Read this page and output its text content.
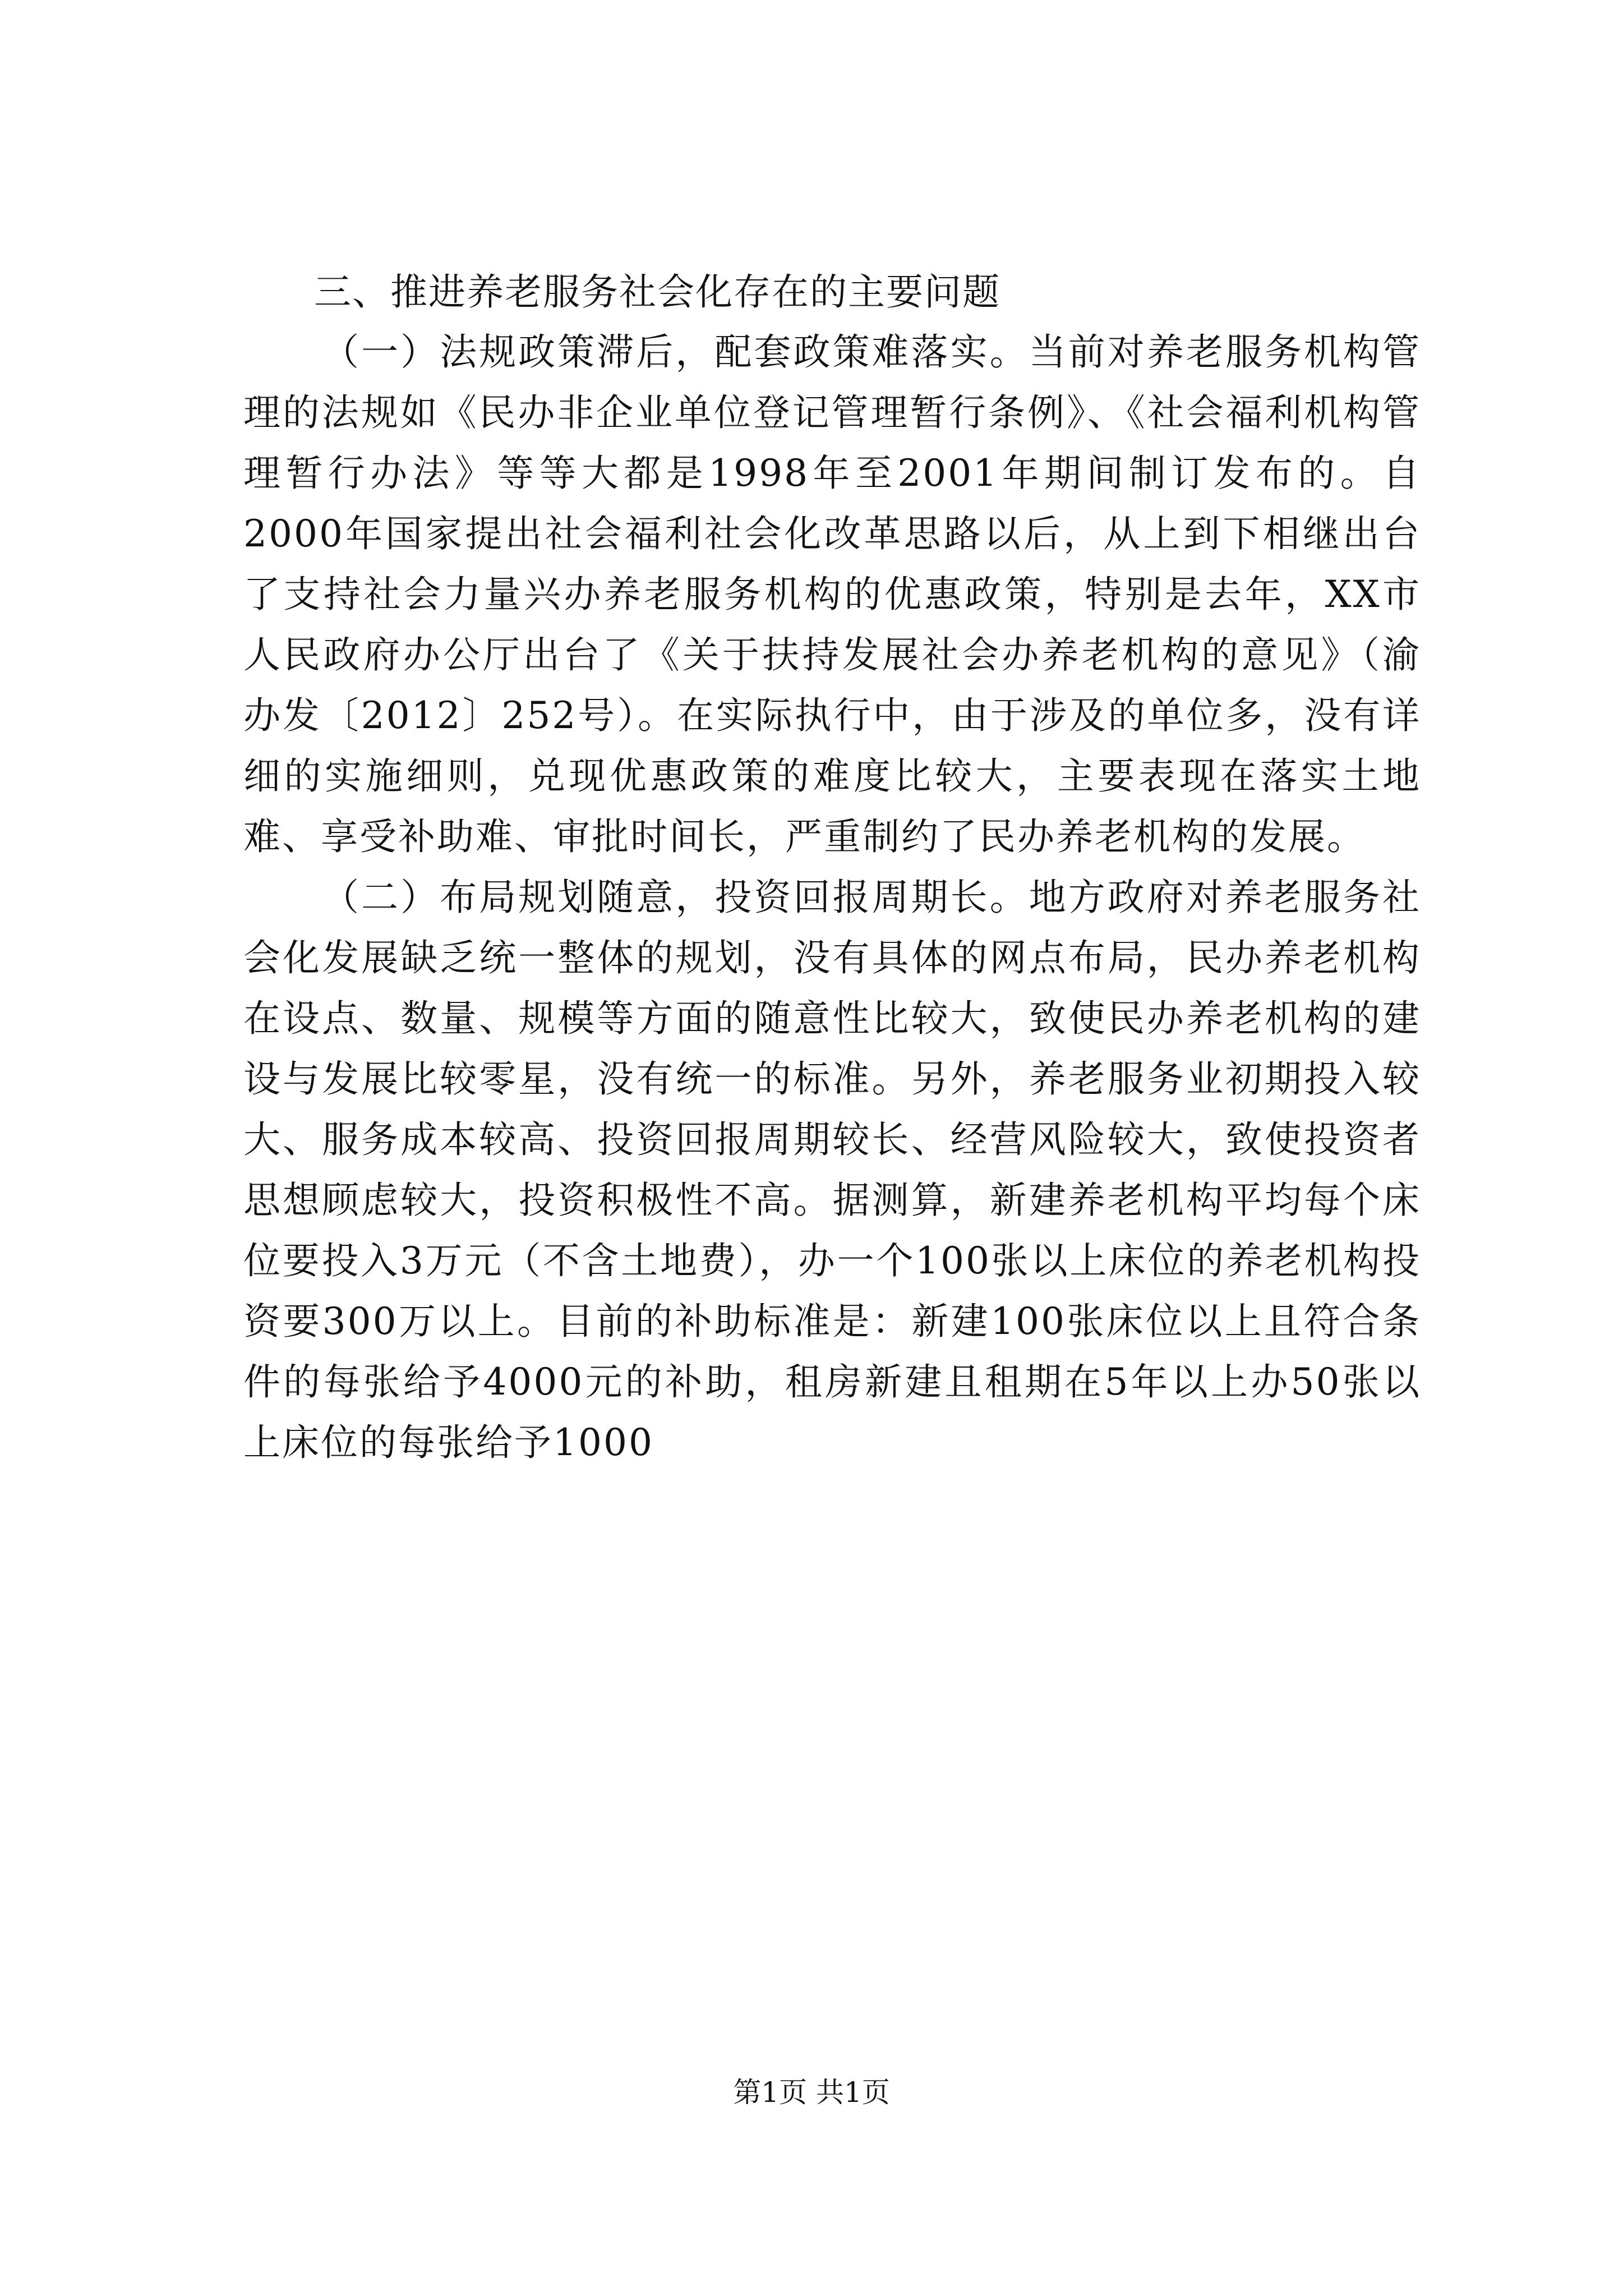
三、推进养老服务社会化存在的主要问题

（一）法规政策滞后，配套政策难落实。当前对养老服务机构管理的法规如《民办非企业单位登记管理暂行条例》、《社会福利机构管理暂行办法》等等大都是1998年至2001年期间制订发布的。自2000年国家提出社会福利社会化改革思路以后，从上到下相继出台了支持社会力量兴办养老服务机构的优惠政策，特别是去年，XX市人民政府办公厅出台了《关于扶持发展社会办养老机构的意见》（渝办发〔2012〕252号）。在实际执行中，由于涉及的单位多，没有详细的实施细则，兑现优惠政策的难度比较大，主要表现在落实土地难、享受补助难、审批时间长，严重制约了民办养老机构的发展。

（二）布局规划随意，投资回报周期长。地方政府对养老服务社会化发展缺乏统一整体的规划，没有具体的网点布局，民办养老机构在设点、数量、规模等方面的随意性比较大，致使民办养老机构的建设与发展比较零星，没有统一的标准。另外，养老服务业初期投入较大、服务成本较高、投资回报周期较长、经营风险较大，致使投资者思想顾虑较大，投资积极性不高。据测算，新建养老机构平均每个床位要投入3万元（不含土地费），办一个100张以上床位的养老机构投资要300万以上。目前的补助标准是：新建100张床位以上且符合条件的每张给予4000元的补助，租房新建且租期在5年以上办50张以上床位的每张给予1000

第1页 共1页
